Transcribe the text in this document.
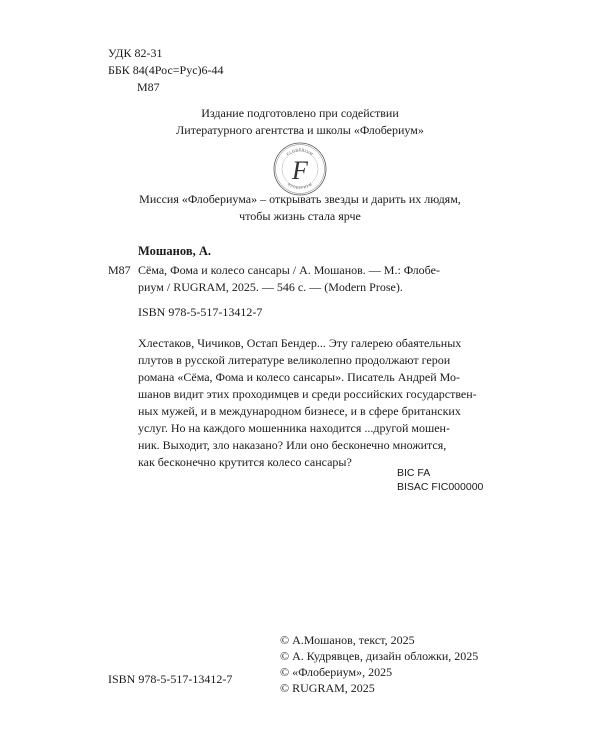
УДК 82-31
ББК 84(4Рос=Рус)6-44
М87
Издание подготовлено при содействии
Литературного агентства и школы «Флобериум»
FLOBERIUM
ФЛОБЕРИУМ
F
Миссия «Флобериума» – открывать звезды и дарить их людям,
чтобы жизнь стала ярче
Мошанов, А.
М87 Сёма, Фома и колесо сансары / А. Мошанов. — М.: Флобе-
риум / RUGRAM, 2025. — 546 с. — (Modern Prose).
ISBN 978-5-517-13412-7
Хлестаков, Чичиков, Остап Бендер... Эту галерею обаятельных
плутов в русской литературе великолепно продолжают герои
романа «Сёма, Фома и колесо сансары». Писатель Андрей Мо-
шанов видит этих проходимцев и среди российских государствен-
ных мужей, и в международном бизнесе, и в сфере британских
услуг. Но на каждого мошенника находится ...другой мошен-
ник. Выходит, зло наказано? Или оно бесконечно множится,
как бесконечно крутится колесо сансары?
BIC FA
BISAC FIC000000
© А.Мошанов, текст, 2025
© А. Кудрявцев, дизайн обложки, 2025
© «Флобериум», 2025
© RUGRAM, 2025
ISBN 978-5-517-13412-7
